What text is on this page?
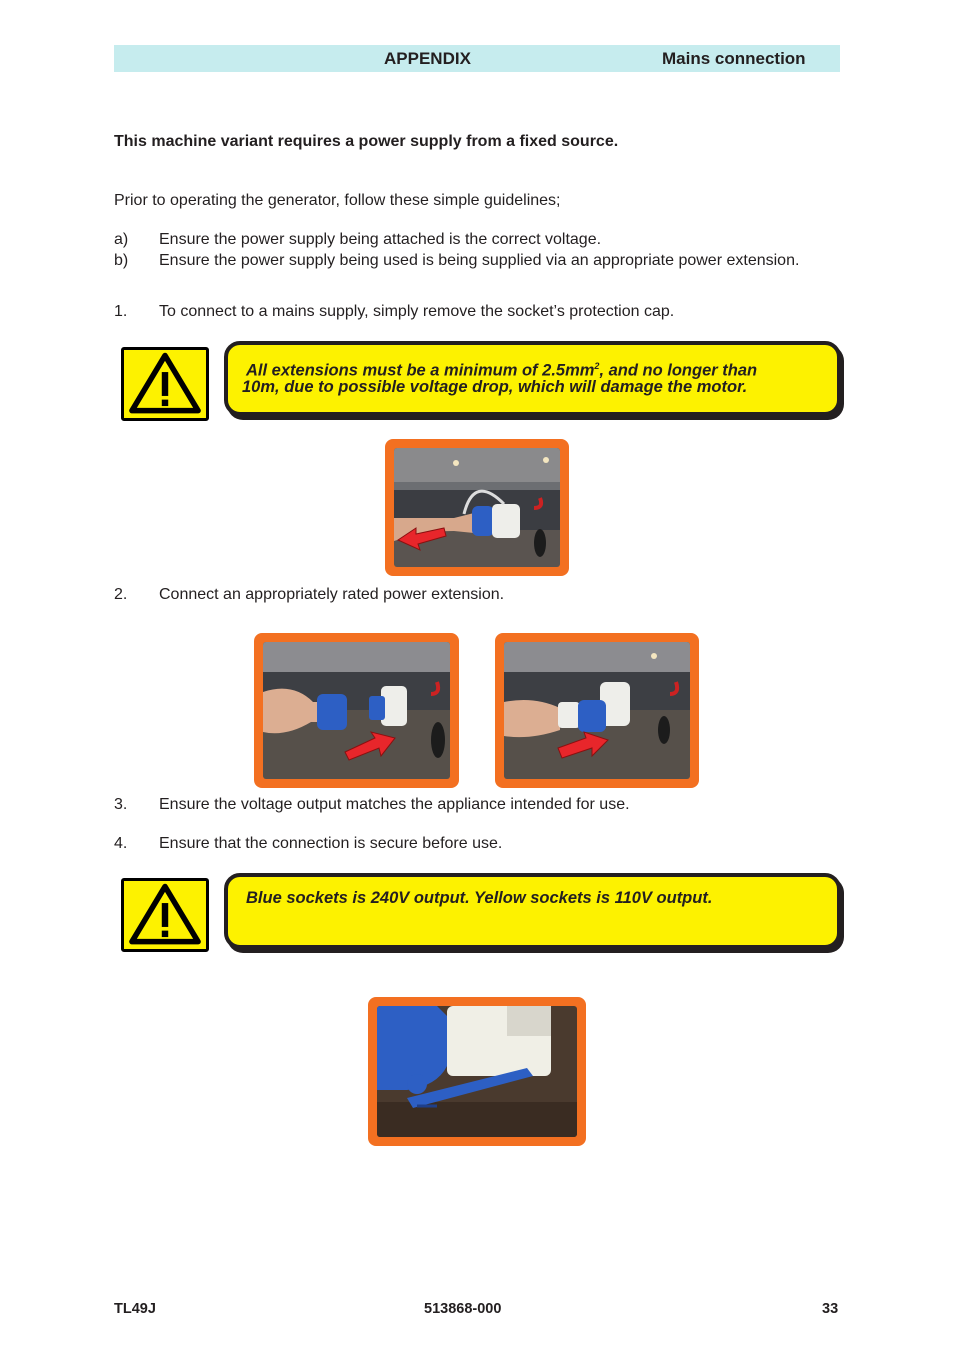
APPENDIX	Mains connection
This machine variant requires a power supply from a fixed source.
Prior to operating the generator, follow these simple guidelines;
a) Ensure the power supply being attached is the correct voltage.
b) Ensure the power supply being used is being supplied via an appropriate power extension.
1. To connect to a mains supply, simply remove the socket’s protection cap.
All extensions must be a minimum of $2.5mm^2$, and no longer than
10m, due to possible voltage drop, which will damage the motor.
2. Connect an appropriately rated power extension.
3. Ensure the voltage output matches the appliance intended for use.
4. Ensure that the connection is secure before use.
Blue sockets is 240V output. Yellow sockets is 110V output.
TL49J	513868-000	33
